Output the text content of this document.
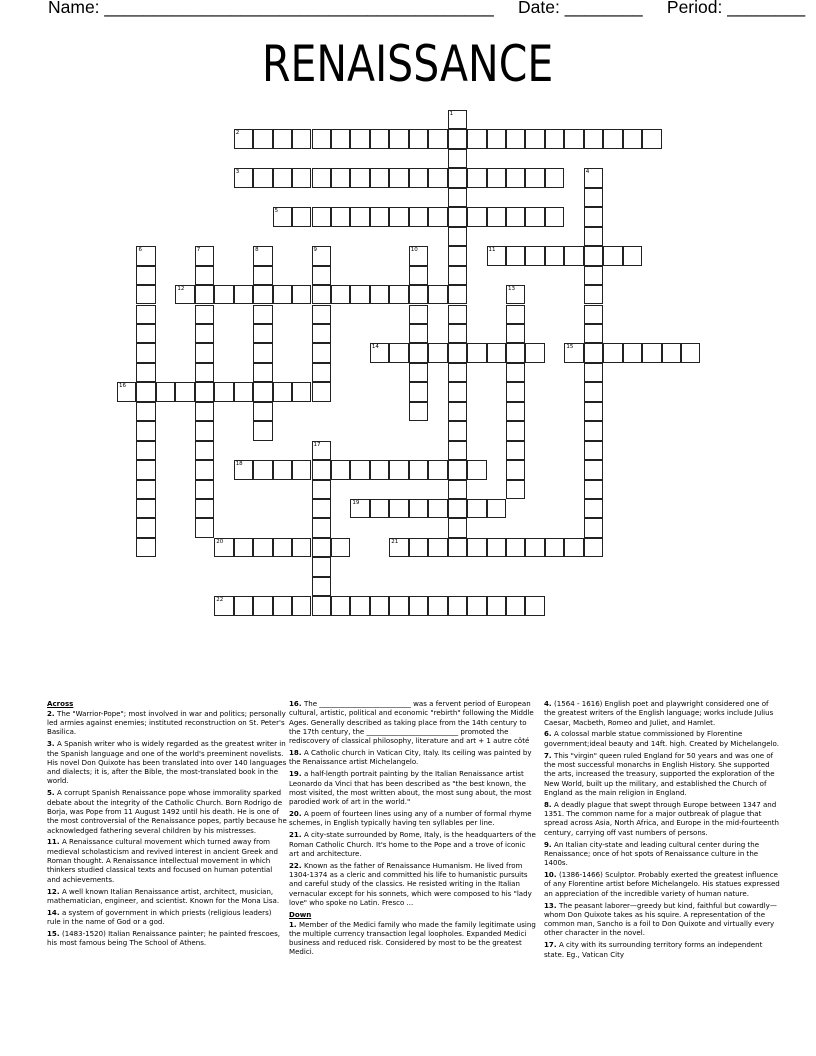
Name: ________________________________________ Date: ________ Period: ________
RENAISSANCE
1
2
3	4
5
6	7	8	9	10	11
12	13
14	15
16
17
18
19
20	21
22
Across
2. The "Warrior-Pope"; most involved in war and politics; personally led armies against enemies; instituted reconstruction on St. Peter's Basilica.
3. A Spanish writer who is widely regarded as the greatest writer in the Spanish language and one of the world's preeminent novelists. His novel Don Quixote has been translated into over 140 languages and dialects; it is, after the Bible, the most-translated book in the world.
5. A corrupt Spanish Renaissance pope whose immorality sparked debate about the integrity of the Catholic Church. Born Rodrigo de Borja, was Pope from 11 August 1492 until his death. He is one of the most controversial of the Renaissance popes, partly because he acknowledged fathering several children by his mistresses.
11. A Renaissance cultural movement which turned away from medieval scholasticism and revived interest in ancient Greek and Roman thought. A Renaissance intellectual movement in which thinkers studied classical texts and focused on human potential and achievements.
12. A well known Italian Renaissance artist, architect, musician, mathematician, engineer, and scientist. Known for the Mona Lisa.
14. a system of government in which priests (religious leaders) rule in the name of God or a god.
15. (1483-1520) Italian Renaissance painter; he painted frescoes, his most famous being The School of Athens.
16. The __________________________ was a fervent period of European cultural, artistic, political and economic "rebirth" following the Middle Ages. Generally described as taking place from the 14th century to the 17th century, the __________________________ promoted the rediscovery of classical philosophy, literature and art + 1 autre côté
18. A Catholic church in Vatican City, Italy. Its ceiling was painted by the Renaissance artist Michelangelo.
19. a half-length portrait painting by the Italian Renaissance artist Leonardo da Vinci that has been described as "the best known, the most visited, the most written about, the most sung about, the most parodied work of art in the world."
20. A poem of fourteen lines using any of a number of formal rhyme schemes, in English typically having ten syllables per line.
21. A city-state surrounded by Rome, Italy, is the headquarters of the Roman Catholic Church. It's home to the Pope and a trove of iconic art and architecture.
22. Known as the father of Renaissance Humanism. He lived from 1304-1374 as a cleric and committed his life to humanistic pursuits and careful study of the classics. He resisted writing in the Italian vernacular except for his sonnets, which were composed to his "lady love" who spoke no Latin. Fresco ...
Down
1. Member of the Medici family who made the family legitimate using the multiple currency transaction legal loopholes. Expanded Medici business and reduced risk. Considered by most to be the greatest Medici.
4. (1564 - 1616) English poet and playwright considered one of the greatest writers of the English language; works include Julius Caesar, Macbeth, Romeo and Juliet, and Hamlet.
6. A colossal marble statue commissioned by Florentine government;ideal beauty and 14ft. high. Created by Michelangelo.
7. This "virgin" queen ruled England for 50 years and was one of the most successful monarchs in English History. She supported the arts, increased the treasury, supported the exploration of the New World, built up the military, and established the Church of England as the main religion in England.
8. A deadly plague that swept through Europe between 1347 and 1351. The common name for a major outbreak of plague that spread across Asia, North Africa, and Europe in the mid-fourteenth century, carrying off vast numbers of persons.
9. An Italian city-state and leading cultural center during the Renaissance; once of hot spots of Renaissance culture in the 1400s.
10. (1386-1466) Sculptor. Probably exerted the greatest influence of any Florentine artist before Michelangelo. His statues expressed an appreciation of the incredible variety of human nature.
13. The peasant laborer—greedy but kind, faithful but cowardly—whom Don Quixote takes as his squire. A representation of the common man, Sancho is a foil to Don Quixote and virtually every other character in the novel.
17. A city with its surrounding territory forms an independent state. Eg., Vatican City
